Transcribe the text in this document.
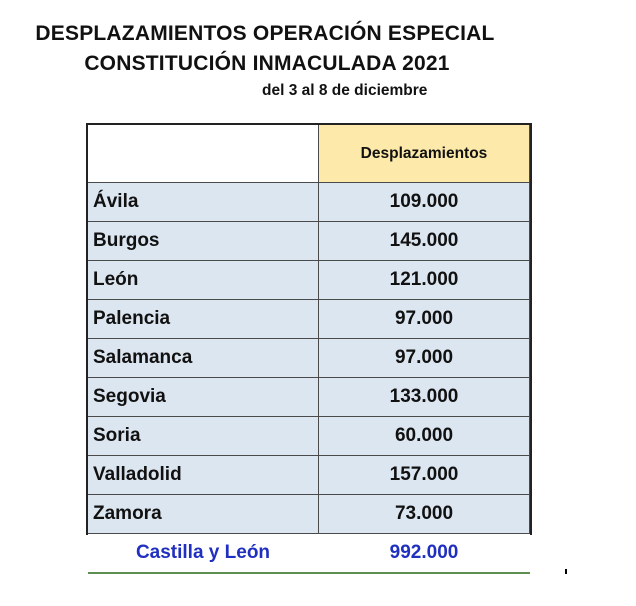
DESPLAZAMIENTOS OPERACIÓN ESPECIAL
CONSTITUCIÓN INMACULADA 2021
del 3 al 8 de diciembre
	Desplazamientos
Ávila	109.000
Burgos	145.000
León	121.000
Palencia	97.000
Salamanca	97.000
Segovia	133.000
Soria	60.000
Valladolid	157.000
Zamora	73.000
Castilla y León	992.000
